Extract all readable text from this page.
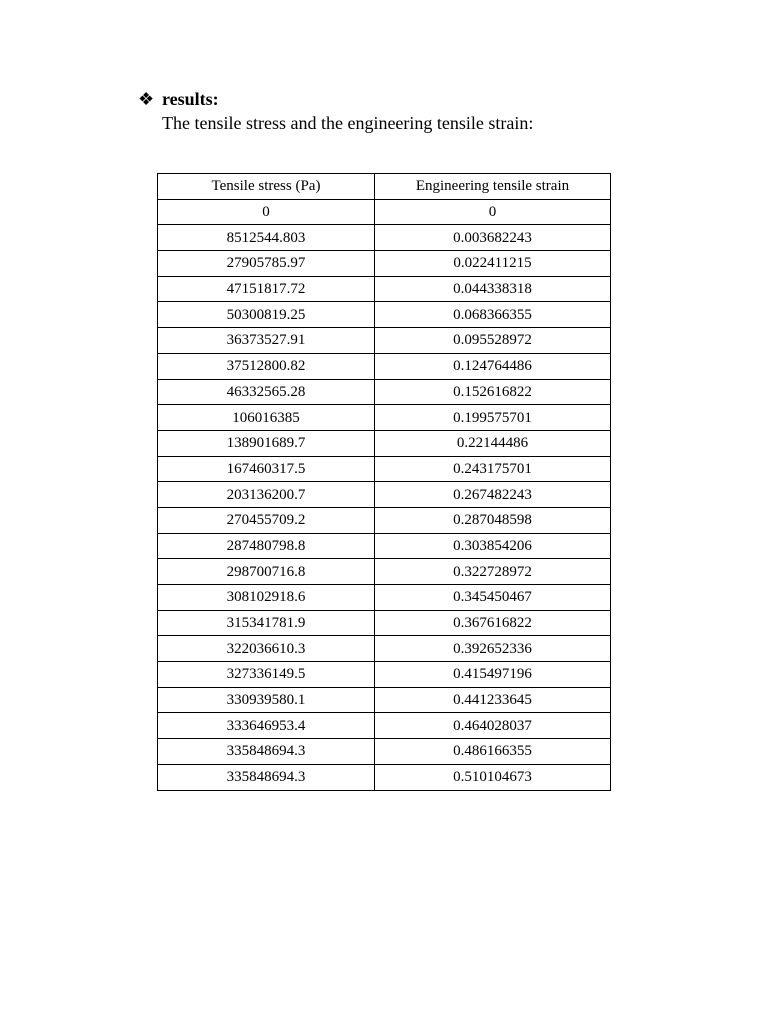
❖ results:
The tensile stress and the engineering tensile strain:
Tensile stress (Pa)	Engineering tensile strain
0	0
8512544.803	0.003682243
27905785.97	0.022411215
47151817.72	0.044338318
50300819.25	0.068366355
36373527.91	0.095528972
37512800.82	0.124764486
46332565.28	0.152616822
106016385	0.199575701
138901689.7	0.22144486
167460317.5	0.243175701
203136200.7	0.267482243
270455709.2	0.287048598
287480798.8	0.303854206
298700716.8	0.322728972
308102918.6	0.345450467
315341781.9	0.367616822
322036610.3	0.392652336
327336149.5	0.415497196
330939580.1	0.441233645
333646953.4	0.464028037
335848694.3	0.486166355
335848694.3	0.510104673
